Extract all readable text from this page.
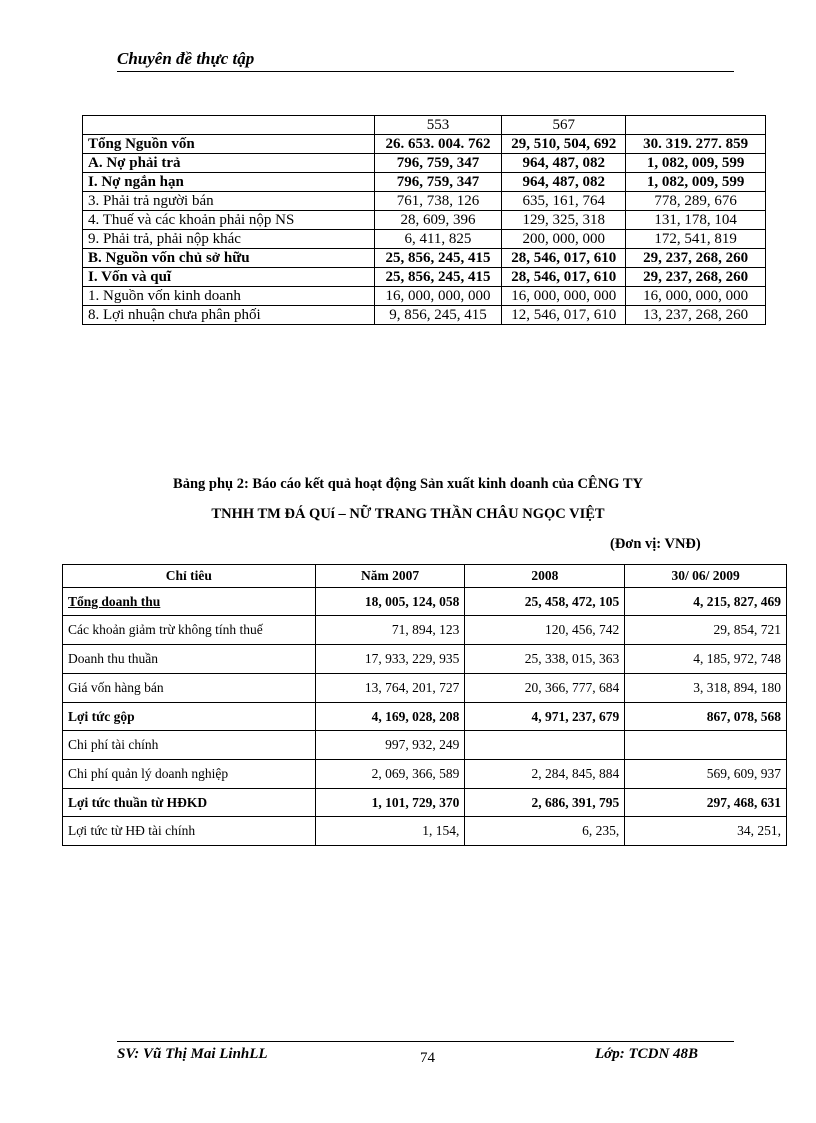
Chuyên đề thực tập
	553	567	
Tổng Nguồn vốn	26. 653. 004. 762	29, 510, 504, 692	30. 319. 277. 859
A. Nợ phải trả	796, 759, 347	964, 487, 082	1, 082, 009, 599
I. Nợ ngắn hạn	796, 759, 347	964, 487, 082	1, 082, 009, 599
3. Phải trả người bán	761, 738, 126	635, 161, 764	778, 289, 676
4. Thuế và các khoản phải nộp NS	28, 609, 396	129, 325, 318	131, 178, 104
9. Phải trả, phải nộp khác	6, 411, 825	200, 000, 000	172, 541, 819
B. Nguồn vốn chủ sở hữu	25, 856, 245, 415	28, 546, 017, 610	29, 237, 268, 260
I. Vốn và quĩ	25, 856, 245, 415	28, 546, 017, 610	29, 237, 268, 260
1. Nguồn vốn kinh doanh	16, 000, 000, 000	16, 000, 000, 000	16, 000, 000, 000
8. Lợi nhuận chưa phân phối	9, 856, 245, 415	12, 546, 017, 610	13, 237, 268, 260
Bảng phụ 2: Báo cáo kết quả hoạt động Sản xuất kinh doanh của CÊNG TY
TNHH TM ĐÁ QUí – NỮ TRANG THẦN CHÂU NGỌC VIỆT
(Đơn vị: VNĐ)
Chỉ tiêu	Năm 2007	2008	30/ 06/ 2009
Tổng doanh thu	18, 005, 124, 058	25, 458, 472, 105	4, 215, 827, 469
Các khoản giảm trừ không tính thuế	71, 894, 123	120, 456, 742	29, 854, 721
Doanh thu thuần	17, 933, 229, 935	25, 338, 015, 363	4, 185, 972, 748
Giá vốn hàng bán	13, 764, 201, 727	20, 366, 777, 684	3, 318, 894, 180
Lợi tức gộp	4, 169, 028, 208	4, 971, 237, 679	867, 078, 568
Chi phí tài chính	997, 932, 249		
Chi phí quản lý doanh nghiệp	2, 069, 366, 589	2, 284, 845, 884	569, 609, 937
Lợi tức thuần từ HĐKD	1, 101, 729, 370	2, 686, 391, 795	297, 468, 631
Lợi tức từ HĐ tài chính	1, 154,	6, 235,	34, 251,
SV: Vũ Thị Mai LinhLL	74	Lớp: TCDN 48B
